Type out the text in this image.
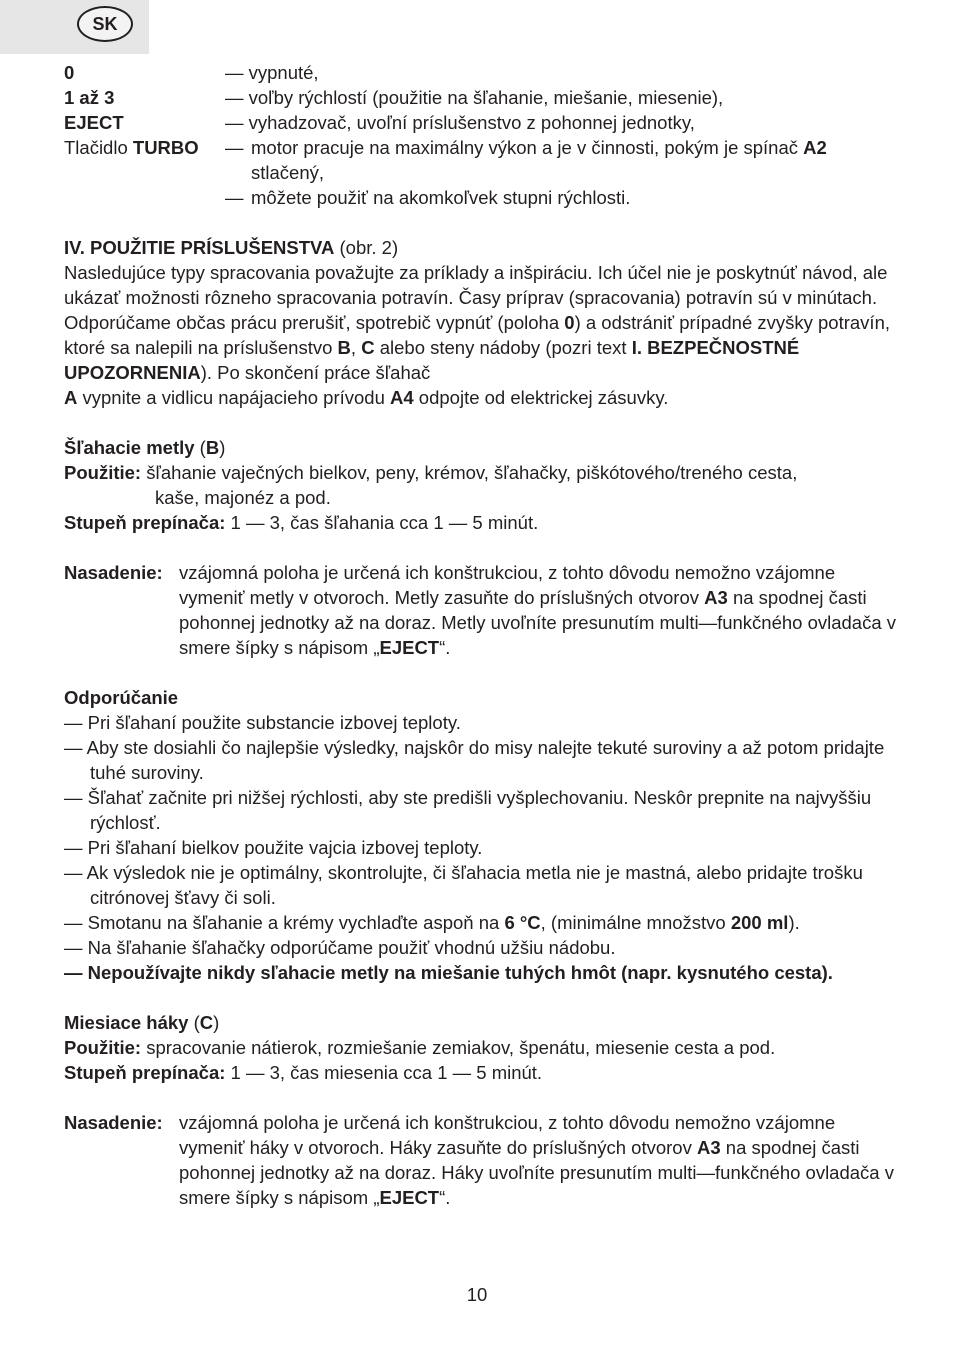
SK
0	— vypnuté,
1 až 3	— voľby rýchlostí (použitie na šľahanie, miešanie, miesenie),
EJECT	— vyhadzovač, uvoľní príslušenstvo z pohonnej jednotky,
Tlačidlo TURBO	— motor pracuje na maximálny výkon a je v činnosti, pokým je spínač A2
stlačený,
— môžete použiť na akomkoľvek stupni rýchlosti.
IV. POUŽITIE PRÍSLUŠENSTVA (obr. 2)
Nasledujúce typy spracovania považujte za príklady a inšpiráciu. Ich účel nie je poskytnúť návod, ale ukázať možnosti rôzneho spracovania potravín. Časy príprav (spracovania) potravín sú v minútach. Odporúčame občas prácu prerušiť, spotrebič vypnúť (poloha 0) a odstrániť prípadné zvyšky potravín, ktoré sa nalepili na príslušenstvo B, C alebo steny nádoby (pozri text I. BEZPEČNOSTNÉ UPOZORNENIA). Po skončení práce šľahač
A vypnite a vidlicu napájacieho prívodu A4 odpojte od elektrickej zásuvky.
Šľahacie metly (B)
Použitie: šľahanie vaječných bielkov, peny, krémov, šľahačky, piškótového/treného cesta,
kaše, majonéz a pod.
Stupeň prepínača: 1 — 3, čas šľahania cca 1 — 5 minút.
Nasadenie: vzájomná poloha je určená ich konštrukciou, z tohto dôvodu nemožno vzájomne vymeniť metly v otvoroch. Metly zasuňte do príslušných otvorov A3 na spodnej časti pohonnej jednotky až na doraz. Metly uvoľníte presunutím multi—funkčného ovladača v smere šípky s nápisom „EJECT“.
Odporúčanie
— Pri šľahaní použite substancie izbovej teploty.
— Aby ste dosiahli čo najlepšie výsledky, najskôr do misy nalejte tekuté suroviny a až potom pridajte tuhé suroviny.
— Šľahať začnite pri nižšej rýchlosti, aby ste predišli vyšplechovaniu. Neskôr prepnite na najvyššiu rýchlosť.
— Pri šľahaní bielkov použite vajcia izbovej teploty.
— Ak výsledok nie je optimálny, skontrolujte, či šľahacia metla nie je mastná, alebo pridajte trošku citrónovej šťavy či soli.
— Smotanu na šľahanie a krémy vychlaďte aspoň na 6 °C, (minimálne množstvo 200 ml).
— Na šľahanie šľahačky odporúčame použiť vhodnú užšiu nádobu.
— Nepoužívajte nikdy sľahacie metly na miešanie tuhých hmôt (napr. kysnutého cesta).
Miesiace háky (C)
Použitie: spracovanie nátierok, rozmiešanie zemiakov, špenátu, miesenie cesta a pod.
Stupeň prepínača: 1 — 3, čas miesenia cca 1 — 5 minút.
Nasadenie: vzájomná poloha je určená ich konštrukciou, z tohto dôvodu nemožno vzájomne vymeniť háky v otvoroch. Háky zasuňte do príslušných otvorov A3 na spodnej časti pohonnej jednotky až na doraz. Háky uvoľníte presunutím multi—funkčného ovladača v smere šípky s nápisom „EJECT“.
10
